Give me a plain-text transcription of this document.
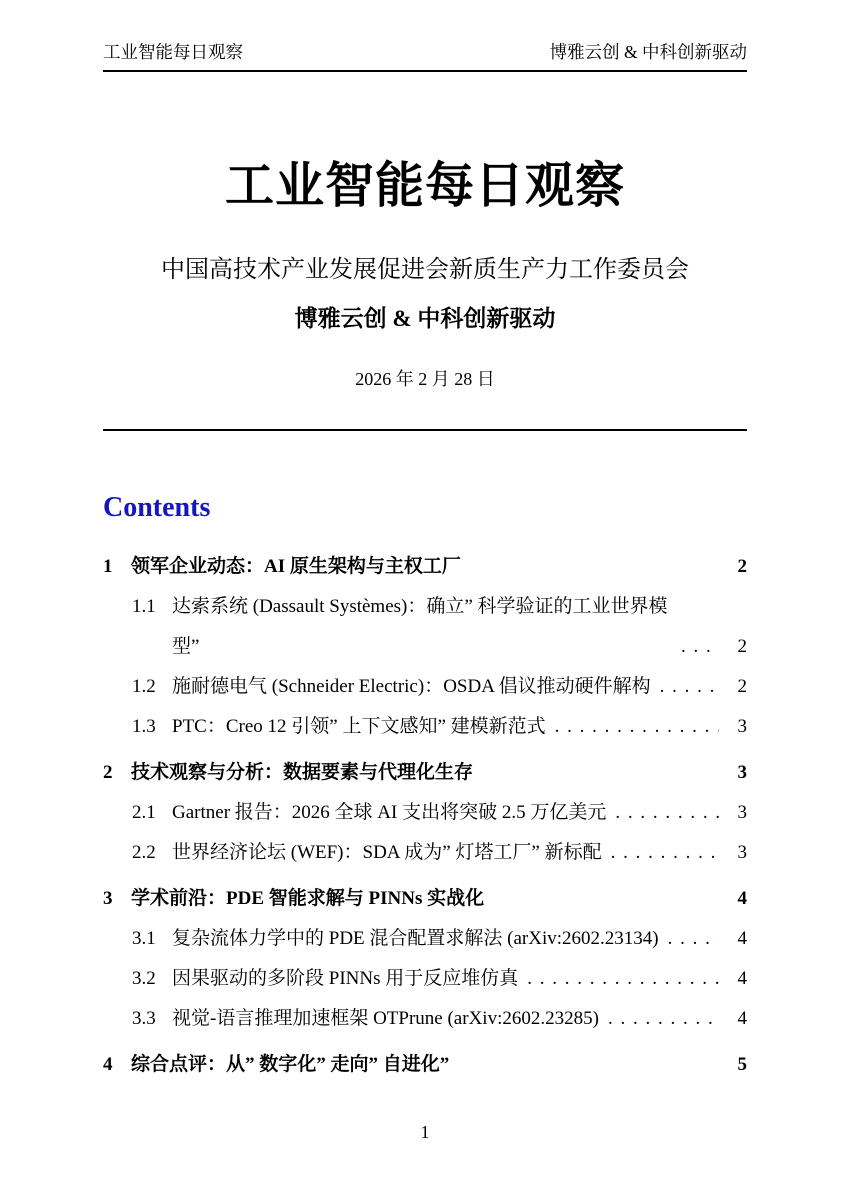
工业智能每日观察	博雅云创 & 中科创新驱动
工业智能每日观察
中国高技术产业发展促进会新质生产力工作委员会
博雅云创 & 中科创新驱动
2026 年 2 月 28 日
Contents
1 领军企业动态：AI 原生架构与主权工厂	2
1.1 达索系统 (Dassault Systèmes)：确立” 科学验证的工业世界模型” . . .	2
1.2 施耐德电气 (Schneider Electric)：OSDA 倡议推动硬件解构 . . .	2
1.3 PTC：Creo 12 引领” 上下文感知” 建模新范式 . . .	3
2 技术观察与分析：数据要素与代理化生存	3
2.1 Gartner 报告：2026 全球 AI 支出将突破 2.5 万亿美元 . . .	3
2.2 世界经济论坛 (WEF)：SDA 成为” 灯塔工厂” 新标配 . . .	3
3 学术前沿：PDE 智能求解与 PINNs 实战化	4
3.1 复杂流体力学中的 PDE 混合配置求解法 (arXiv:2602.23134) . . .	4
3.2 因果驱动的多阶段 PINNs 用于反应堆仿真 . . .	4
3.3 视觉-语言推理加速框架 OTPrune (arXiv:2602.23285) . . .	4
4 综合点评：从” 数字化” 走向” 自进化”	5
1
